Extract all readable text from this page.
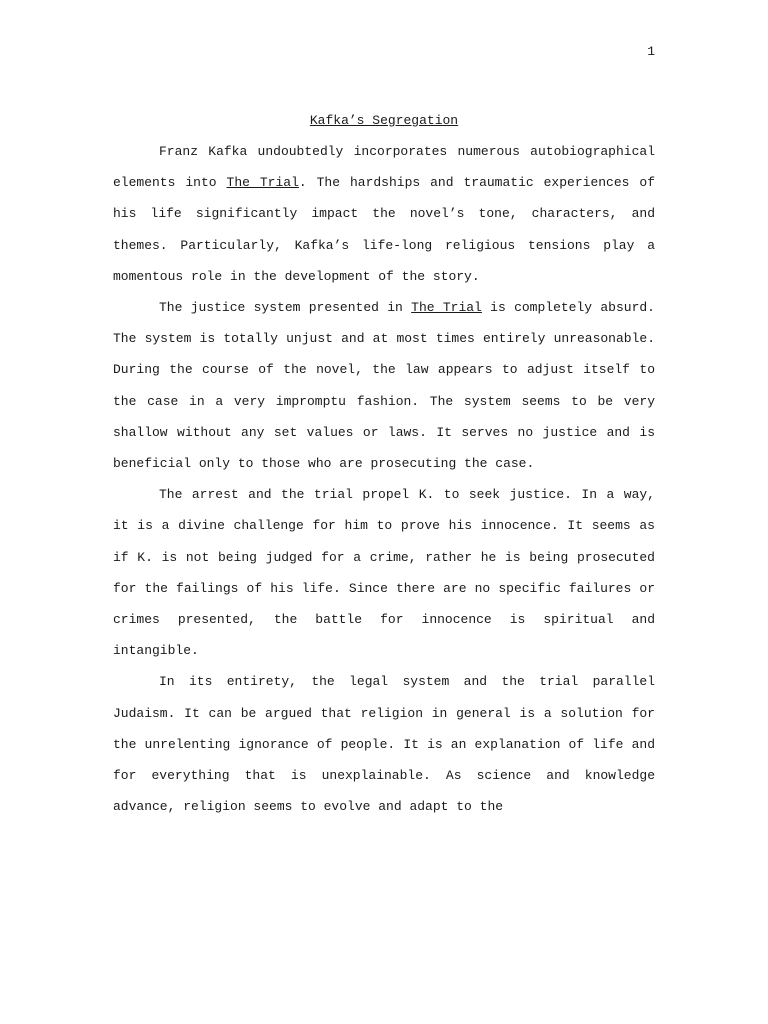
1
Kafka’s Segregation

Franz Kafka undoubtedly incorporates numerous autobiographical elements into The Trial. The hardships and traumatic experiences of his life significantly impact the novel’s tone, characters, and themes. Particularly, Kafka’s life-long religious tensions play a momentous role in the development of the story.

The justice system presented in The Trial is completely absurd. The system is totally unjust and at most times entirely unreasonable. During the course of the novel, the law appears to adjust itself to the case in a very impromptu fashion. The system seems to be very shallow without any set values or laws. It serves no justice and is beneficial only to those who are prosecuting the case.

The arrest and the trial propel K. to seek justice. In a way, it is a divine challenge for him to prove his innocence. It seems as if K. is not being judged for a crime, rather he is being prosecuted for the failings of his life. Since there are no specific failures or crimes presented, the battle for innocence is spiritual and intangible.

In its entirety, the legal system and the trial parallel Judaism. It can be argued that religion in general is a solution for the unrelenting ignorance of people. It is an explanation of life and for everything that is unexplainable. As science and knowledge advance, religion seems to evolve and adapt to the
